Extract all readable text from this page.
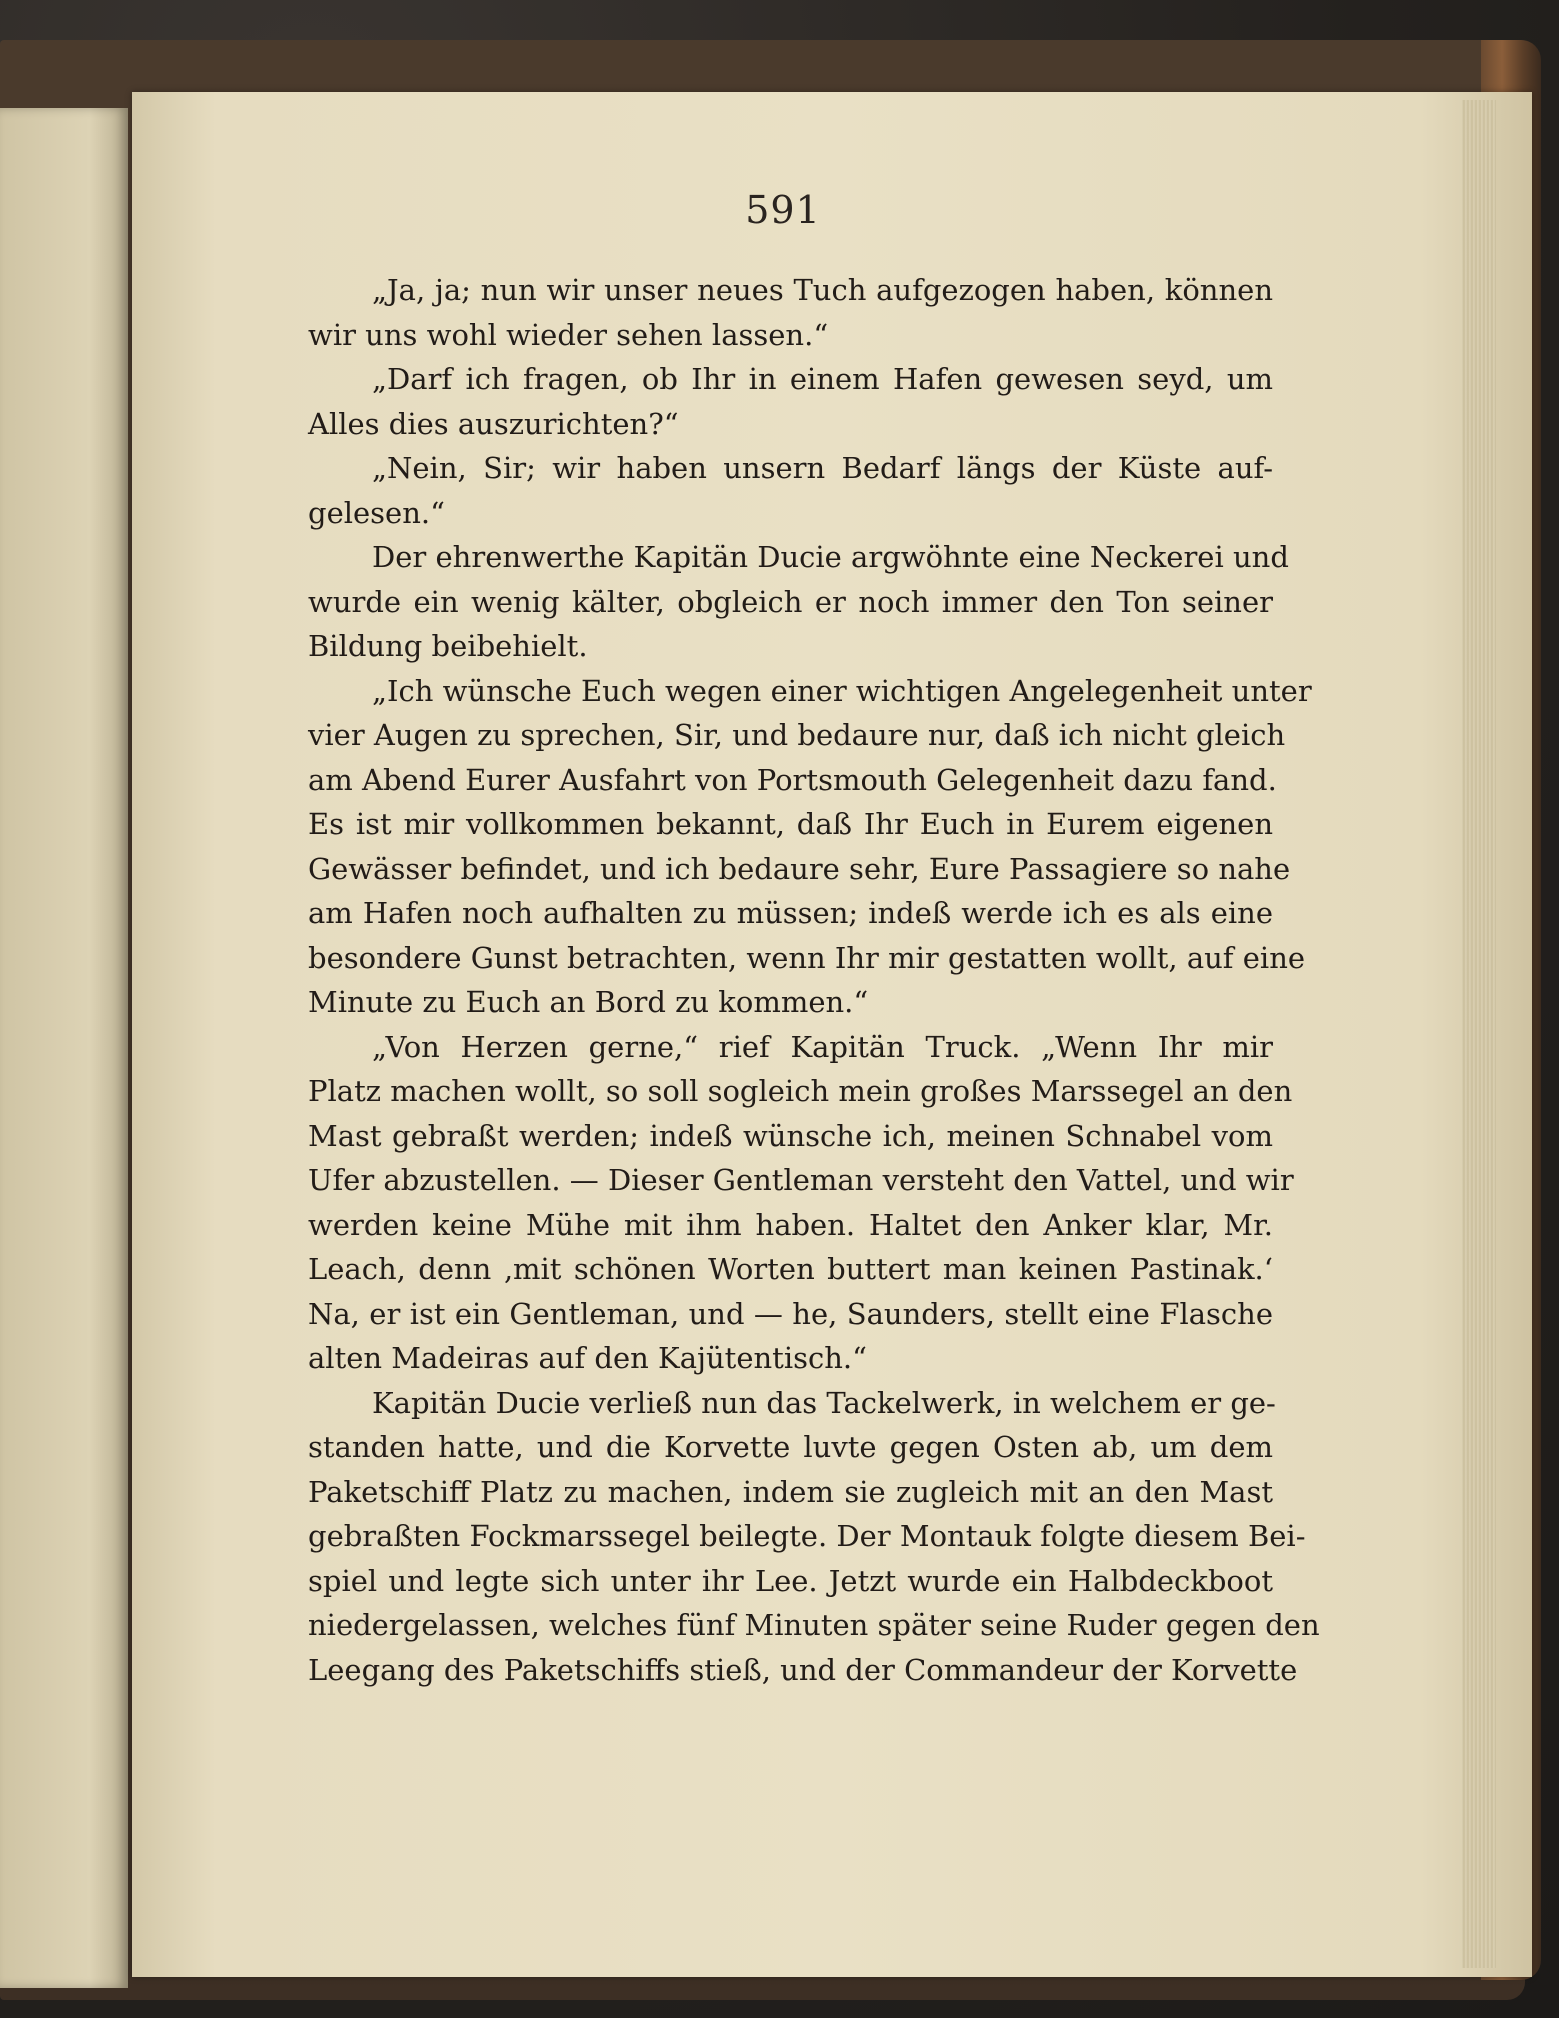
591
„Ja, ja; nun wir unser neues Tuch aufgezogen haben, können
wir uns wohl wieder sehen lassen.“
„Darf ich fragen, ob Ihr in einem Hafen gewesen seyd, um
Alles dies auszurichten?“
„Nein, Sir; wir haben unsern Bedarf längs der Küste auf-
gelesen.“
Der ehrenwerthe Kapitän Ducie argwöhnte eine Neckerei und
wurde ein wenig kälter, obgleich er noch immer den Ton seiner
Bildung beibehielt.
„Ich wünsche Euch wegen einer wichtigen Angelegenheit unter
vier Augen zu sprechen, Sir, und bedaure nur, daß ich nicht gleich
am Abend Eurer Ausfahrt von Portsmouth Gelegenheit dazu fand.
Es ist mir vollkommen bekannt, daß Ihr Euch in Eurem eigenen
Gewässer befindet, und ich bedaure sehr, Eure Passagiere so nahe
am Hafen noch aufhalten zu müssen; indeß werde ich es als eine
besondere Gunst betrachten, wenn Ihr mir gestatten wollt, auf eine
Minute zu Euch an Bord zu kommen.“
„Von Herzen gerne,“ rief Kapitän Truck. „Wenn Ihr mir
Platz machen wollt, so soll sogleich mein großes Marssegel an den
Mast gebraßt werden; indeß wünsche ich, meinen Schnabel vom
Ufer abzustellen. — Dieser Gentleman versteht den Vattel, und wir
werden keine Mühe mit ihm haben. Haltet den Anker klar, Mr.
Leach, denn ‚mit schönen Worten buttert man keinen Pastinak.‘
Na, er ist ein Gentleman, und — he, Saunders, stellt eine Flasche
alten Madeiras auf den Kajütentisch.“
Kapitän Ducie verließ nun das Tackelwerk, in welchem er ge-
standen hatte, und die Korvette luvte gegen Osten ab, um dem
Paketschiff Platz zu machen, indem sie zugleich mit an den Mast
gebraßten Fockmarssegel beilegte. Der Montauk folgte diesem Bei-
spiel und legte sich unter ihr Lee. Jetzt wurde ein Halbdeckboot
niedergelassen, welches fünf Minuten später seine Ruder gegen den
Leegang des Paketschiffs stieß, und der Commandeur der Korvette
